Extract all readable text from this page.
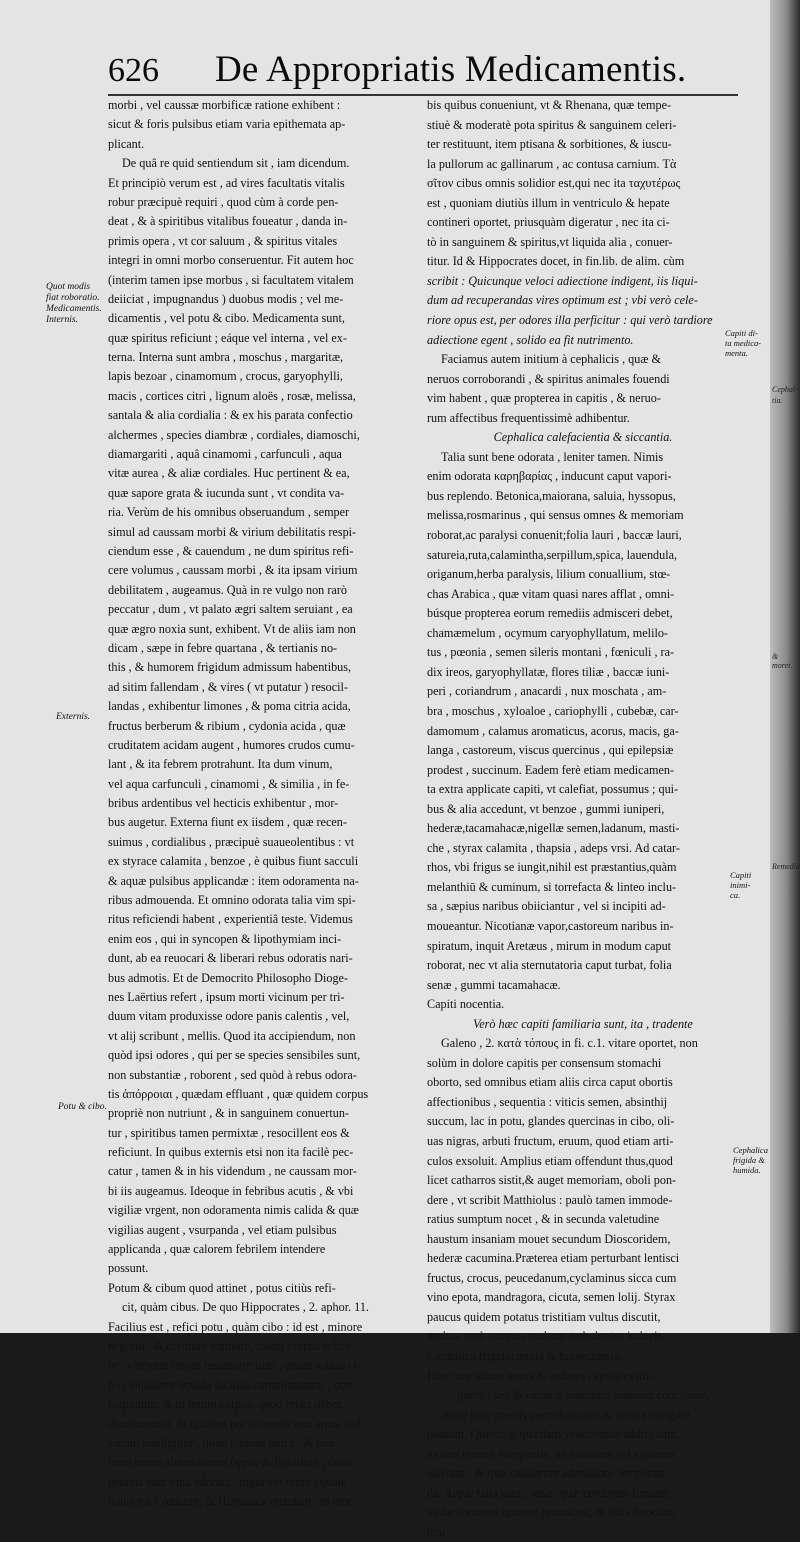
626 De Appropriatis Medicamentis.
morbi , vel caussæ morbificæ ratione exhibent :
sicut & foris pulsibus etiam varia epithemata ap-
plicant.
De quâ re quid sentiendum sit , iam dicendum.
Et principiò verum est , ad vires facultatis vitalis
robur præcipuè requiri , quod cùm à corde pen-
deat , & à spiritibus vitalibus foueatur , danda in-
primis opera , vt cor saluum , & spiritus vitales
integri in omni morbo conseruentur. Fit autem hoc
(interim tamen ipse morbus , si facultatem vitalem
deiiciat , impugnandus ) duobus modis ; vel me-
dicamentis , vel potu & cibo. Medicamenta sunt,
quæ spiritus reficiunt ; eáque vel interna , vel ex-
terna. Interna sunt ambra , moschus , margaritæ,
lapis bezoar , cinamomum , crocus, garyophylli,
macis , cortices citri , lignum aloës , rosæ, melissa,
santala & alia cordialia : & ex his parata confectio
alchermes , species diambræ , cordiales, diamoschi,
diamargariti , aquâ cinamomi , carfunculi , aqua
vitæ aurea , & aliæ cordiales. Huc pertinent & ea,
quæ sapore grata & iucunda sunt , vt condita va-
ria. Verùm de his omnibus obseruandum , semper
simul ad caussam morbi & virium debilitatis respi-
ciendum esse , & cauendum , ne dum spiritus refi-
cere volumus , caussam morbi , & ita ipsam virium
debilitatem , augeamus. Quà in re vulgo non rarò
peccatur , dum , vt palato ægri saltem seruiant , ea
quæ ægro noxia sunt, exhibent. Vt de aliis iam non
dicam , sæpe in febre quartana , & tertianis no-
this , & humorem frigidum admissum habentibus,
ad sitim fallendam , & vires ( vt putatur ) resocil-
landas , exhibentur limones , & poma citria acida,
fructus berberum & ribium , cydonia acida , quæ
cruditatem acidam augent , humores crudos cumu-
lant , & ita febrem protrahunt. Ita dum vinum,
vel aqua carfunculi , cinamomi , & similia , in fe-
bribus ardentibus vel hecticis exhibentur , mor-
bus augetur. Externa fiunt ex iisdem , quæ recen-
suimus , cordialibus , præcipuè suaueolentibus : vt
ex styrace calamita , benzoe , è quibus fiunt sacculi
& aquæ pulsibus applicandæ : item odoramenta na-
ribus admouenda. Et omnino odorata talia vim spi-
ritus reficiendi habent , experientiâ teste. Videmus
enim eos , qui in syncopen & lipothymiam inci-
dunt, ab ea reuocari & liberari rebus odoratis nari-
bus admotis. Et de Democrito Philosopho Dioge-
nes Laërtius refert , ipsum morti vicinum per tri-
duum vitam produxisse odore panis calentis , vel,
vt alij scribunt , mellis. Quod ita accipiendum, non
quòd ipsi odores , qui per se species sensibiles sunt,
non substantiæ , roborent , sed quòd à rebus odora-
tis ἀπόρροιαι , quædam effluant , quæ quidem corpus
propriè non nutriunt , & in sanguinem conuertun-
tur , spiritibus tamen permixtæ , resocillent eos &
reficiunt. In quibus externis etsi non ita facilè pec-
catur , tamen & in his videndum , ne caussam mor-
bi iis augeamus. Ideoque in febribus acutis , & vbi
vigiliæ vrgent, non odoramenta nimis calida & quæ
vigilias augent , vsurpanda , vel etiam pulsibus
applicanda , quæ calorem febrilem intendere
possunt.
Potum & cibum quod attinet , potus citiùs refi-
cit, quàm cibus. De quo Hippocrates , 2. aphor. 11.
Facilius est , refici potu , quàm cibo : id est , minore
negotio , & breuiore tempore, totum corpus refice-
re , virésque lapsas restaurare licet , quam solido ci-
bo ; siquidem liquida faciliùs comminuuntur , con-
coquuntur, & in totum corpus, quod refici debet,
distribuuntur. Et quidem per τὸ ποτὸν non aqua, sed
vinum intelligitur , quod pleniùs nutrit , & præ-
terea omne alimentorum ὑγρὸν & liquidum , cuius
generis sunt vina odorata , nigra vel rubra , quale
nobis est Creticum, & Hispanica quædam , in mor-
bis quibus conueniunt, vt & Rhenana, quæ tempe-
stiuè & moderatè pota spiritus & sanguinem celeri-
ter restituunt, item ptisana & sorbitiones, & iuscu-
la pullorum ac gallinarum , ac contusa carnium. Τὰ
σῖτον cibus omnis solidior est,qui nec ita ταχυτέρως
est , quoniam diutiùs illum in ventriculo & hepate
contineri oportet, priusquàm digeratur , nec ita ci-
tò in sanguinem & spiritus,vt liquida alia , conuer-
titur. Id & Hippocrates docet, in fin.lib. de alim. cùm
scribit : Quicunque veloci adiectione indigent, iis liqui-
dum ad recuperandas vires optimum est ; vbi verò cele-
riore opus est, per odores illa perficitur : qui verò tardiore
adiectione egent , solido ea fit nutrimento.
Faciamus autem initium à cephalicis , quæ &
neruos corroborandi , & spiritus animales fouendi
vim habent , quæ propterea in capitis , & neruo-
rum affectibus frequentissimè adhibentur.
Cephalica calefacientia & siccantia.
Talia sunt bene odorata , leniter tamen. Nimis
enim odorata καρηβαρίας , inducunt caput vapori-
bus replendo. Betonica,maiorana, saluia, hyssopus,
melissa,rosmarinus , qui sensus omnes & memoriam
roborat,ac paralysi conuenit;folia lauri , baccæ lauri,
satureia,ruta,calamintha,serpillum,spica, lauendula,
origanum,herba paralysis, lilium conuallium, stœ-
chas Arabica , quæ vitam quasi nares afflat , omni-
búsque propterea eorum remediis admisceri debet,
chamæmelum , ocymum caryophyllatum, melilo-
tus , pœonia , semen sileris montani , fœniculi , ra-
dix ireos, garyophyllatæ, flores tiliæ , baccæ iuni-
peri , coriandrum , anacardi , nux moschata , am-
bra , moschus , xyloaloe , cariophylli , cubebæ, car-
damomum , calamus aromaticus, acorus, macis, ga-
langa , castoreum, viscus quercinus , qui epilepsiæ
prodest , succinum. Eadem ferè etiam medicamen-
ta extra applicate capiti, vt calefiat, possumus ; qui-
bus & alia accedunt, vt benzoe , gummi iuniperi,
hederæ,tacamahacæ,nigellæ semen,ladanum, masti-
che , styrax calamita , thapsia , adeps vrsi. Ad catar-
rhos, vbi frigus se iungit,nihil est præstantius,quàm
melanthiū & cuminum, si torrefacta & linteo inclu-
sa , sæpius naribus obiiciantur , vel si incipiti ad-
moueantur. Nicotianæ vapor,castoreum naribus in-
spiratum, inquit Aretæus , mirum in modum caput
roborat, nec vt alia sternutatoria caput turbat, folia
senæ , gummi tacamahacæ.
Capiti nocentia.
Verò hæc capiti familiaria sunt, ita , tradente
Galeno , 2. κατὰ τόπους in fi. c.1. vitare oportet, non
solùm in dolore capitis per consensum stomachi
oborto, sed omnibus etiam aliis circa caput obortis
affectionibus , sequentia : viticis semen, absinthij
succum, lac in potu, glandes quercinas in cibo, oli-
uas nigras, arbuti fructum, eruum, quod etiam arti-
culos exsoluit. Amplius etiam offendunt thus,quod
licet catharros sistit,& auget memoriam, oboli pon-
dere , vt scribit Matthiolus : paulò tamen immode-
ratius sumptum nocet , & in secunda valetudine
haustum insaniam mouet secundum Dioscoridem,
hederæ cacumina.Præterea etiam perturbant lentisci
fructus, crocus, peucedanum,cyclaminus sicca cum
vino epota, mandragora, cicuta, semen lolij. Styrax
paucus quidem potatus tristitiam vultus discutit,
multus verò somnos multum turbulentos inducit.
Cephalica frigefacientia & humectantia.
Hæc non solum æstus & ardores capitis exstin-
guere , sed & vaporis suauitate somnum conciliare,
atque hinc mentis perturbationes,& deliria mitigare
possunt. Quibus si quædam vehementia addita sunt,
ea non temerè vsurpanda, ne insaniam vel saporem
inferant , & ipsa calidorum admistione temperan-
da. Atque talia sunt , rosæ, quæ cerebrum firmant;
violæ somnum quoque prouocant, & bilis ferociam
leni
Quot modis
fiat roboratio.
Medicamentis.
Internis.
Externis.
Potu & cibo.
Capiti di-
ta medica-
menta.
Capiti inimi-
ca.
Cephalica
frigida &
humida.
Cephal-
tia.
& moret.
Remedia
